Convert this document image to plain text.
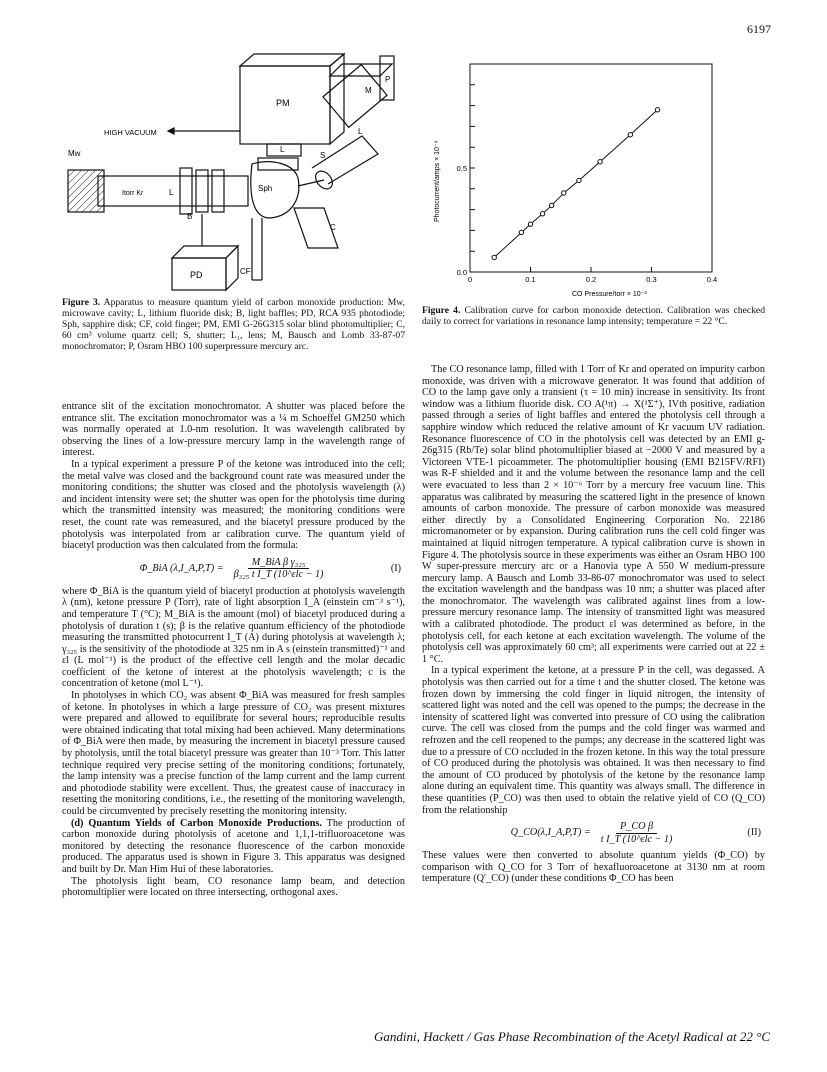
6197
PM
M
P
HIGH VACUUM
L
L
S
Mw
Itorr Kr	L
B
Sph
C
PD	CF
Figure 3. Apparatus to measure quantum yield of carbon monoxide production: Mw, microwave cavity; L, lithium fluoride disk; B, light baffles; PD, RCA 935 photodiode; Sph, sapphire disk; CF, cold finger; PM, EMI G-26G315 solar blind photomultiplier; C, 60 cm³ volume quartz cell; S, shutter; L₁, lens; M, Bausch and Lomb 33-87-07 monochromator; P, Osram HBO 100 superpressure mercury arc.
0	0.1	0.2	0.3	0.4
0.0
0.5
Photocurrent/amps × 10⁻⁹
CO Pressure/torr × 10⁻³
Figure 4. Calibration curve for carbon monoxide detection. Calibration was checked daily to correct for variations in resonance lamp intensity; temperature = 22 °C.

entrance slit of the excitation monochromator. A shutter was placed before the entrance slit. The excitation monochromator was a ¼ m Schoeffel GM250 which was normally operated at 1.0-nm resolution. It was wavelength calibrated by observing the lines of a low-pressure mercury lamp in the wavelength range of interest.

In a typical experiment a pressure P of the ketone was introduced into the cell; the metal valve was closed and the background count rate was measured under the monitoring conditions; the shutter was closed and the photolysis wavelength (λ) and incident intensity were set; the shutter was open for the photolysis time during which the transmitted intensity was measured; the monitoring conditions were reset, the count rate was remeasured, and the biacetyl pressure produced by the photolysis was interpolated from ar calibration curve. The quantum yield of biacetyl production was then calculated from the formula:

Φ_BiA (λ,I_A,P,T) = $\frac{\text{M\_BiA β γ₃₂₅}}{\text{β₃₂₅ t I\_T (10\textasciicircum{}εlc − 1)}}$	(I)

where Φ_BiA is the quantum yield of biacetyl production at photolysis wavelength λ (nm), ketone pressure P (Torr), rate of light absorption I_A (einstein cm⁻³ s⁻¹), and temperature T (°C); M_BiA is the amount (mol) of biacetyl produced during a photolysis of duration t (s); β is the relative quantum efficiency of the photodiode measuring the transmitted photocurrent I_T (A) during photolysis at wavelength λ; γ₃₂₅ is the sensitivity of the photodiode at 325 nm in A s (einstein transmitted)⁻¹ and εl (L mol⁻¹) is the product of the effective cell length and the molar decadic coefficient of the ketone of interest at the photolysis wavelength; c is the concentration of ketone (mol L⁻¹).

In photolyses in which CO₂ was absent Φ_BiA was measured for fresh samples of ketone. In photolyses in which a large pressure of CO₂ was present mixtures were prepared and allowed to equilibrate for several hours; reproducible results were obtained indicating that total mixing had been achieved. Many determinations of Φ_BiA were then made, by measuring the increment in biacetyl pressure caused by photolysis, until the total biacetyl pressure was greater than 10⁻³ Torr. This latter technique required very precise setting of the monitoring conditions; fortunately, the lamp intensity was a precise function of the lamp current and the lamp current and photodiode stability were excellent. Thus, the greatest cause of inaccuracy in resetting the monitoring conditions, i.e., the resetting of the monitoring wavelength, could be circumvented by precisely resetting the monitoring intensity.

(d) Quantum Yields of Carbon Monoxide Productions. The production of carbon monoxide during photolysis of acetone and 1,1,1-trifluoroacetone was monitored by detecting the resonance fluorescence of the carbon monoxide produced. The apparatus used is shown in Figure 3. This apparatus was designed and built by Dr. Man Him Hui of these laboratories.

The photolysis light beam, CO resonance lamp beam, and detection photomultiplier were located on three intersecting, orthogonal axes.

The CO resonance lamp, filled with 1 Torr of Kr and operated on impurity carbon monoxide, was driven with a microwave generator. It was found that addition of CO to the lamp gave only a transient (τ = 10 min) increase in sensitivity. Its front window was a lithium fluoride disk. CO A(¹π) → X(¹Σ⁺), IVth positive, radiation passed through a series of light baffles and entered the photolysis cell through a sapphire window which reduced the relative amount of Kr vacuum UV radiation. Resonance fluorescence of CO in the photolysis cell was detected by an EMI g-26g315 (Rb/Te) solar blind photomultiplier biased at −2000 V and measured by a Victoreen VTE-1 picoammeter. The photomultiplier housing (EMI B215FV/RFI) was R-F shielded and it and the volume between the resonance lamp and the cell were evacuated to less than 2 × 10⁻⁶ Torr by a mercury free vacuum line. This apparatus was calibrated by measuring the scattered light in the presence of known amounts of carbon monoxide. The pressure of carbon monoxide was measured either directly by a Consolidated Engineering Corporation No. 22186 micromanometer or by expansion. During calibration runs the cell cold finger was maintained at liquid nitrogen temperature. A typical calibration curve is shown in Figure 4. The photolysis source in these experiments was either an Osram HBO 100 W super-pressure mercury arc or a Hanovia type A 550 W medium-pressure mercury lamp. A Bausch and Lomb 33-86-07 monochromator was used to select the excitation wavelength and the bandpass was 10 nm; a shutter was placed after the monochromator. The wavelength was calibrated against lines from a low-pressure mercury resonance lamp. The intensity of transmitted light was measured with a calibrated photodiode. The product εl was determined as before, in the photolysis cell, for each ketone at each excitation wavelength. The volume of the photolysis cell was approximately 60 cm³; all experiments were carried out at 22 ± 1 °C.

In a typical experiment the ketone, at a pressure P in the cell, was degassed. A photolysis was then carried out for a time t and the shutter closed. The ketone was frozen down by immersing the cold finger in liquid nitrogen, the intensity of scattered light was noted and the cell was opened to the pumps; the decrease in the intensity of scattered light was converted into pressure of CO using the calibration curve. The cell was closed from the pumps and the cold finger was warmed and refrozen and the cell reopened to the pumps; any decrease in the scattered light was due to a pressure of CO occluded in the frozen ketone. In this way the total pressure of CO produced during the photolysis was obtained. It was then necessary to find the amount of CO produced by photolysis of the ketone by the resonance lamp alone during an equivalent time. This quantity was always small. The difference in these quantities (P_CO) was then used to obtain the relative yield of CO (Q_CO) from the relationship

Q_CO(λ,I_A,P,T) = $\frac{\text{P\_CO β}}{\text{t I\_T (10\textasciicircum{}εlc − 1)}}$	(II)

These values were then converted to absolute quantum yields (Φ_CO) by comparison with Q_CO for 3 Torr of hexafluoroacetone at 3130 nm at room temperature (Q′_CO) (under these conditions Φ_CO has been

Gandini, Hackett / Gas Phase Recombination of the Acetyl Radical at 22 °C
